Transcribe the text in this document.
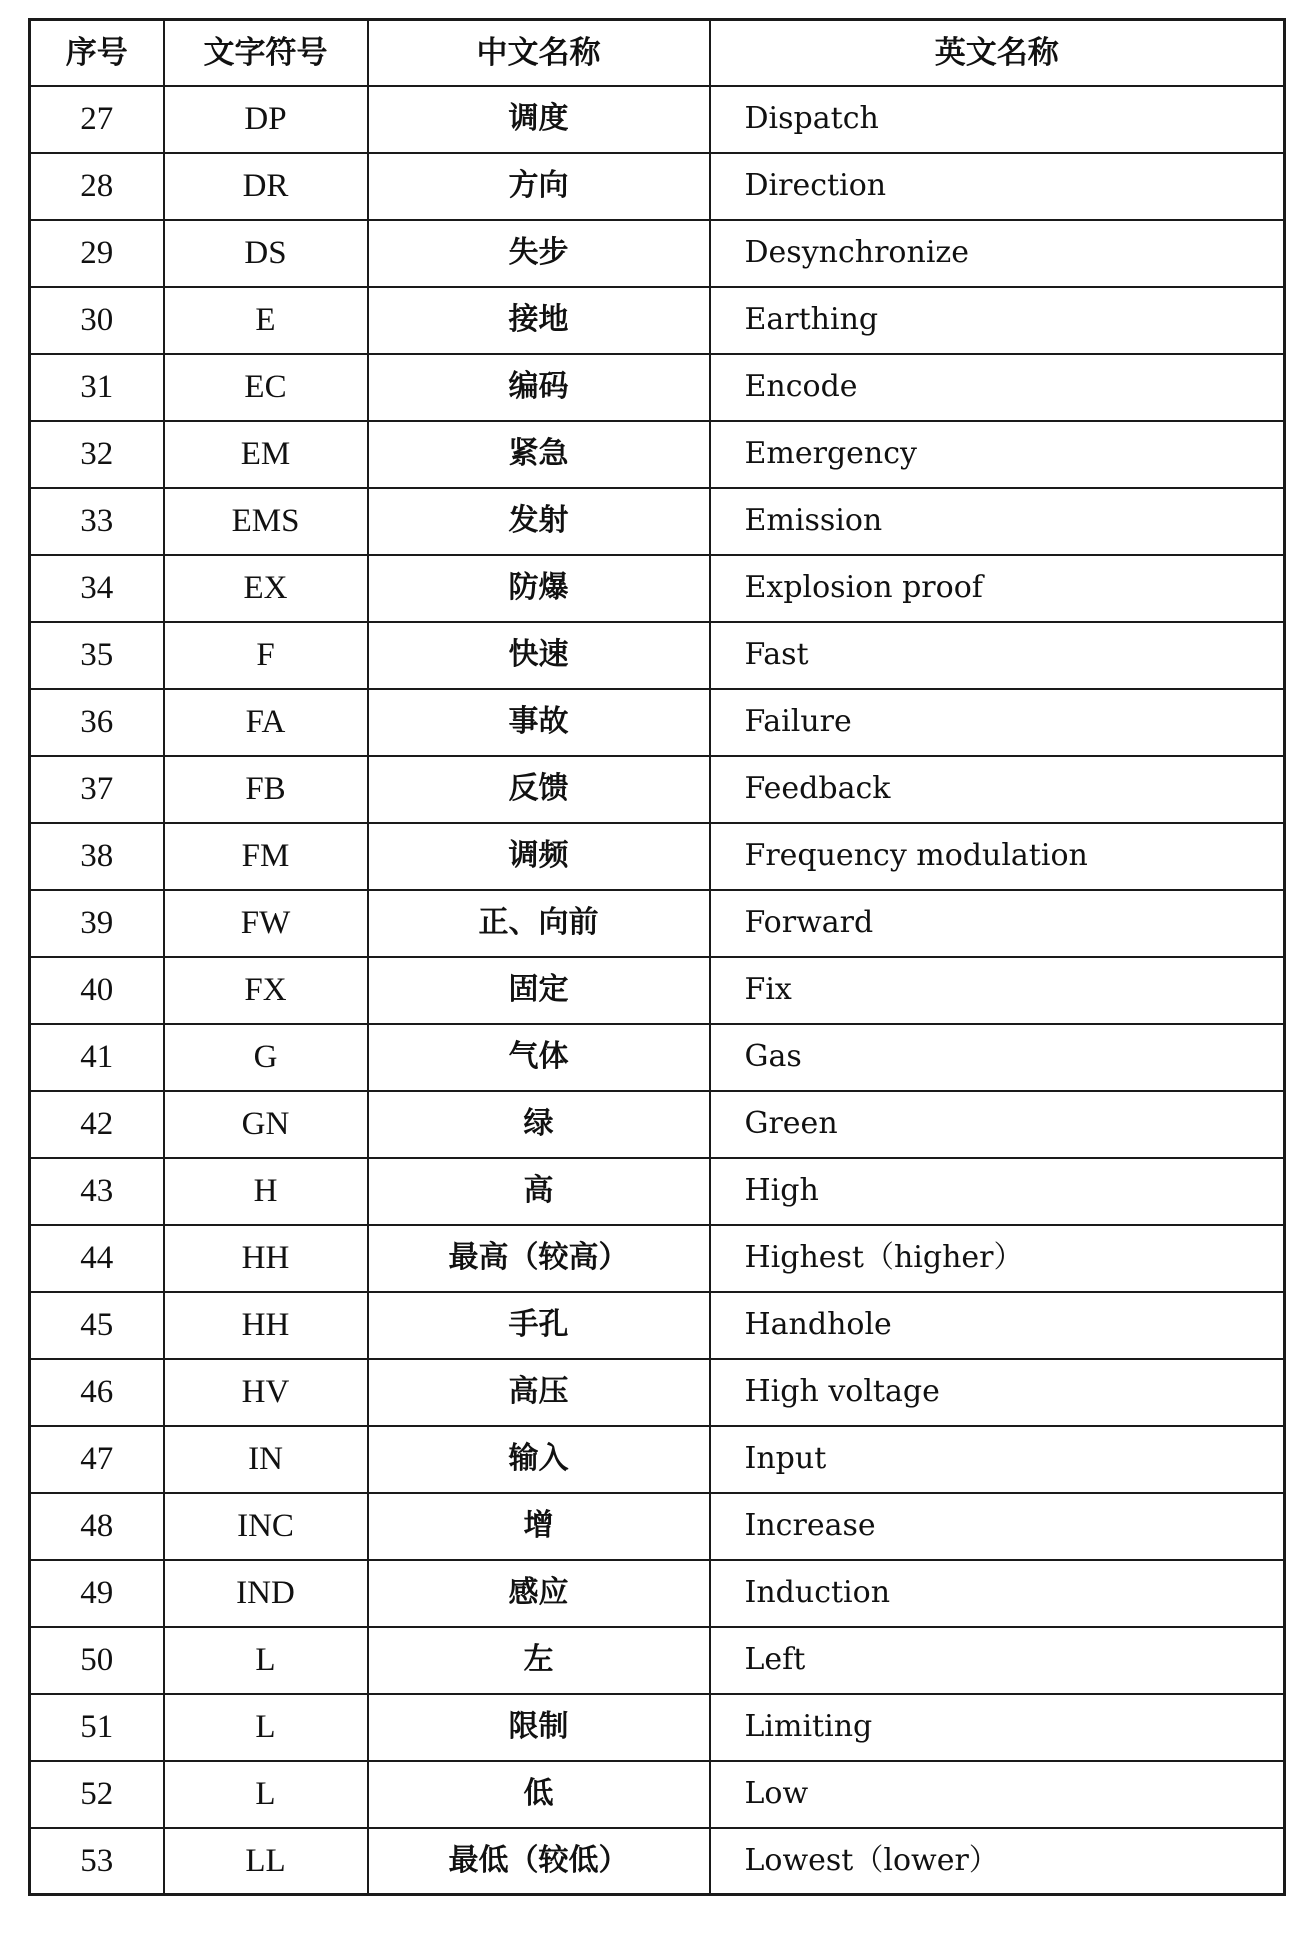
序号	文字符号	中文名称	英文名称
27	DP	调度	Dispatch
28	DR	方向	Direction
29	DS	失步	Desynchronize
30	E	接地	Earthing
31	EC	编码	Encode
32	EM	紧急	Emergency
33	EMS	发射	Emission
34	EX	防爆	Explosion proof
35	F	快速	Fast
36	FA	事故	Failure
37	FB	反馈	Feedback
38	FM	调频	Frequency modulation
39	FW	正、向前	Forward
40	FX	固定	Fix
41	G	气体	Gas
42	GN	绿	Green
43	H	高	High
44	HH	最高（较高）	Highest（higher）
45	HH	手孔	Handhole
46	HV	高压	High voltage
47	IN	输入	Input
48	INC	增	Increase
49	IND	感应	Induction
50	L	左	Left
51	L	限制	Limiting
52	L	低	Low
53	LL	最低（较低）	Lowest（lower）
